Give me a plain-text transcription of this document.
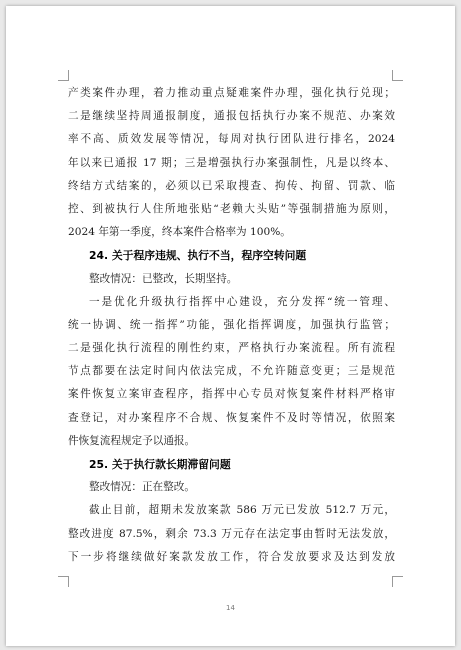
产类案件办理，着力推动重点疑难案件办理，强化执行兑现；
二是继续坚持周通报制度，通报包括执行办案不规范、办案效
率不高、质效发展等情况，每周对执行团队进行排名，2024
年以来已通报 17 期；三是增强执行办案强制性，凡是以终本、
终结方式结案的，必须以已采取搜查、拘传、拘留、罚款、临
控、到被执行人住所地张贴“老赖大头贴”等强制措施为原则，
2024 年第一季度，终本案件合格率为 100%。
24. 关于程序违规、执行不当，程序空转问题
整改情况：已整改，长期坚持。
一是优化升级执行指挥中心建设，充分发挥“统一管理、
统一协调、统一指挥”功能，强化指挥调度，加强执行监管；
二是强化执行流程的刚性约束，严格执行办案流程。所有流程
节点都要在法定时间内依法完成，不允许随意变更；三是规范
案件恢复立案审查程序，指挥中心专员对恢复案件材料严格审
查登记，对办案程序不合规、恢复案件不及时等情况，依照案
件恢复流程规定予以通报。
25. 关于执行款长期滞留问题
整改情况：正在整改。
截止目前，超期未发放案款 586 万元已发放 512.7 万元，
整改进度 87.5%，剩余 73.3 万元存在法定事由暂时无法发放，
下一步将继续做好案款发放工作，符合发放要求及达到发放
14
